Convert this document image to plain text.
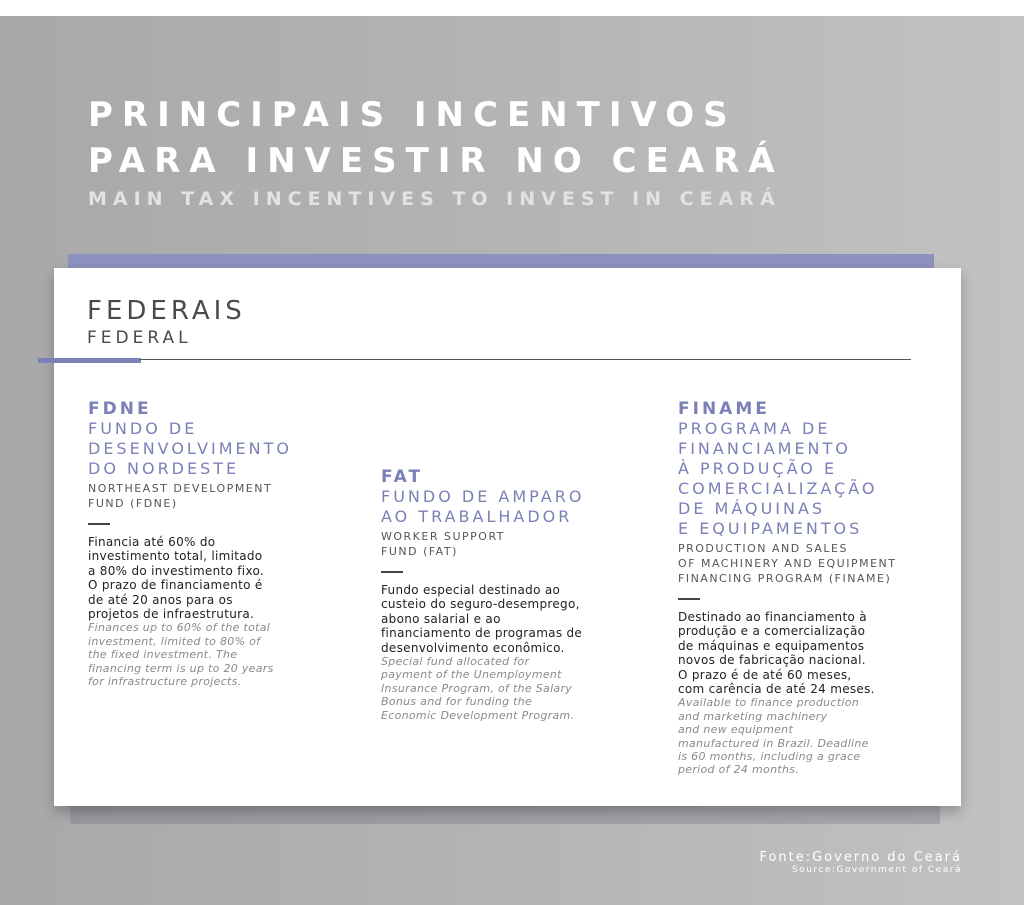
PRINCIPAIS INCENTIVOS
PARA INVESTIR NO CEARÁ
MAIN TAX INCENTIVES TO INVEST IN CEARÁ
FEDERAIS
FEDERAL
FDNE
FUNDO DE
DESENVOLVIMENTO
DO NORDESTE
NORTHEAST DEVELOPMENT
FUND (FDNE)
Financia até 60% do
investimento total, limitado
a 80% do investimento fixo.
O prazo de financiamento é
de até 20 anos para os
projetos de infraestrutura.
Finances up to 60% of the total
investment, limited to 80% of
the fixed investment. The
financing term is up to 20 years
for infrastructure projects.
FAT
FUNDO DE AMPARO
AO TRABALHADOR
WORKER SUPPORT
FUND (FAT)
Fundo especial destinado ao
custeio do seguro-desemprego,
abono salarial e ao
financiamento de programas de
desenvolvimento econômico.
Special fund allocated for
payment of the Unemployment
Insurance Program, of the Salary
Bonus and for funding the
Economic Development Program.
FINAME
PROGRAMA DE
FINANCIAMENTO
À PRODUÇÃO E
COMERCIALIZAÇÃO
DE MÁQUINAS
E EQUIPAMENTOS
PRODUCTION AND SALES
OF MACHINERY AND EQUIPMENT
FINANCING PROGRAM (FINAME)
Destinado ao financiamento à
produção e a comercialização
de máquinas e equipamentos
novos de fabricação nacional.
O prazo é de até 60 meses,
com carência de até 24 meses.
Available to finance production
and marketing machinery
and new equipment
manufactured in Brazil. Deadline
is 60 months, including a grace
period of 24 months.
Fonte:Governo do Ceará
Source:Government of Ceará
